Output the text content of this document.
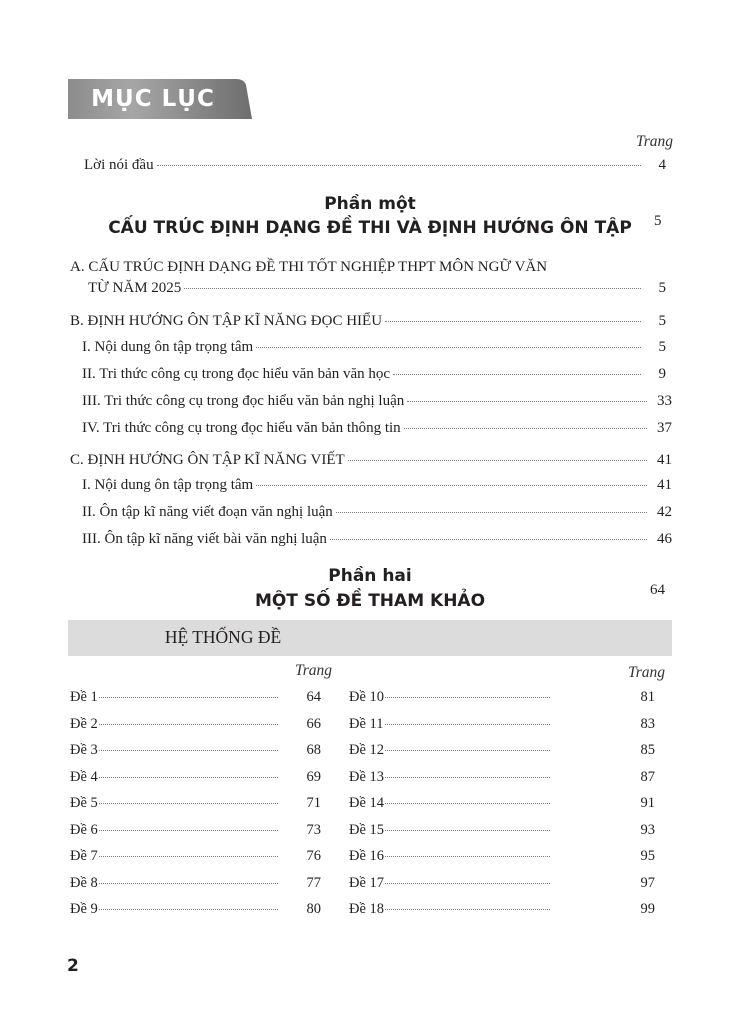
MỤC LỤC
Trang
Lời nói đầu	4
Phần một
CẤU TRÚC ĐỊNH DẠNG ĐỀ THI VÀ ĐỊNH HƯỚNG ÔN TẬP	5
A. CẤU TRÚC ĐỊNH DẠNG ĐỀ THI TỐT NGHIỆP THPT MÔN NGỮ VĂN
TỪ NĂM 2025	5
B. ĐỊNH HƯỚNG ÔN TẬP KĨ NĂNG ĐỌC HIỂU	5
I. Nội dung ôn tập trọng tâm	5
II. Tri thức công cụ trong đọc hiểu văn bản văn học	9
III. Tri thức công cụ trong đọc hiểu văn bản nghị luận	33
IV. Tri thức công cụ trong đọc hiểu văn bản thông tin	37
C. ĐỊNH HƯỚNG ÔN TẬP KĨ NĂNG VIẾT	41
I. Nội dung ôn tập trọng tâm	41
II. Ôn tập kĩ năng viết đoạn văn nghị luận	42
III. Ôn tập kĩ năng viết bài văn nghị luận	46
Phần hai
MỘT SỐ ĐỀ THAM KHẢO
64
HỆ THỐNG ĐỀ
Trang	Trang
Đề 1	64
Đề 2	66
Đề 3	68
Đề 4	69
Đề 5	71
Đề 6	73
Đề 7	76
Đề 8	77
Đề 9	80
Đề 10	81
Đề 11	83
Đề 12	85
Đề 13	87
Đề 14	91
Đề 15	93
Đề 16	95
Đề 17	97
Đề 18	99
2
